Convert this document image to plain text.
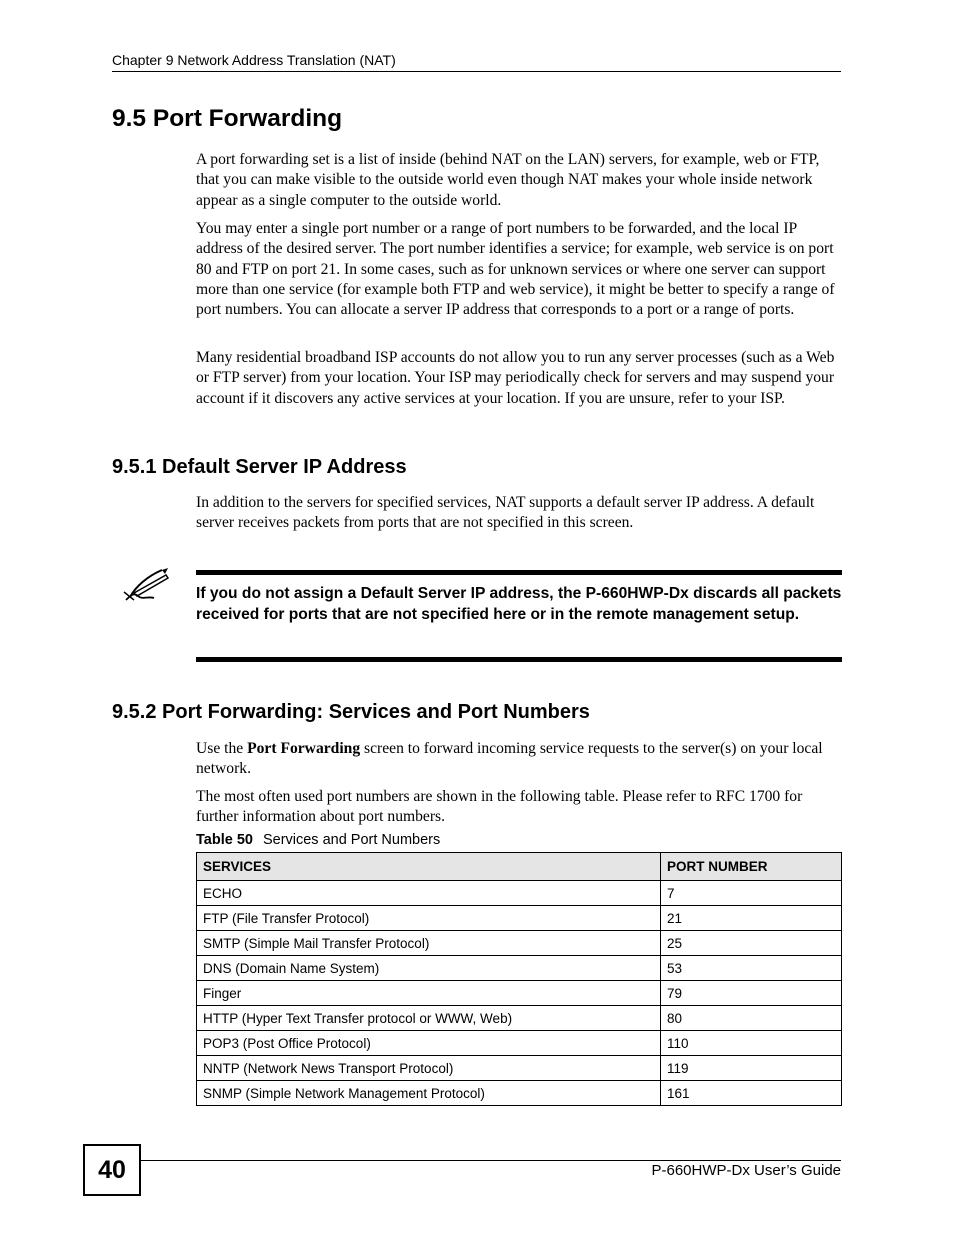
Chapter 9 Network Address Translation (NAT)
9.5 Port Forwarding

A port forwarding set is a list of inside (behind NAT on the LAN) servers, for example, web or FTP, that you can make visible to the outside world even though NAT makes your whole inside network appear as a single computer to the outside world.

You may enter a single port number or a range of port numbers to be forwarded, and the local IP address of the desired server. The port number identifies a service; for example, web service is on port 80 and FTP on port 21. In some cases, such as for unknown services or where one server can support more than one service (for example both FTP and web service), it might be better to specify a range of port numbers. You can allocate a server IP address that corresponds to a port or a range of ports.

Many residential broadband ISP accounts do not allow you to run any server processes (such as a Web or FTP server) from your location. Your ISP may periodically check for servers and may suspend your account if it discovers any active services at your location. If you are unsure, refer to your ISP.

9.5.1 Default Server IP Address

In addition to the servers for specified services, NAT supports a default server IP address. A default server receives packets from ports that are not specified in this screen.

If you do not assign a Default Server IP address, the P-660HWP-Dx discards all packets received for ports that are not specified here or in the remote management setup.

9.5.2 Port Forwarding: Services and Port Numbers

Use the Port Forwarding screen to forward incoming service requests to the server(s) on your local network.

The most often used port numbers are shown in the following table. Please refer to RFC 1700 for further information about port numbers.

Table 50 Services and Port Numbers
SERVICES	PORT NUMBER
ECHO	7
FTP (File Transfer Protocol)	21
SMTP (Simple Mail Transfer Protocol)	25
DNS (Domain Name System)	53
Finger	79
HTTP (Hyper Text Transfer protocol or WWW, Web)	80
POP3 (Post Office Protocol)	110
NNTP (Network News Transport Protocol)	119
SNMP (Simple Network Management Protocol)	161
40	P-660HWP-Dx User’s Guide
